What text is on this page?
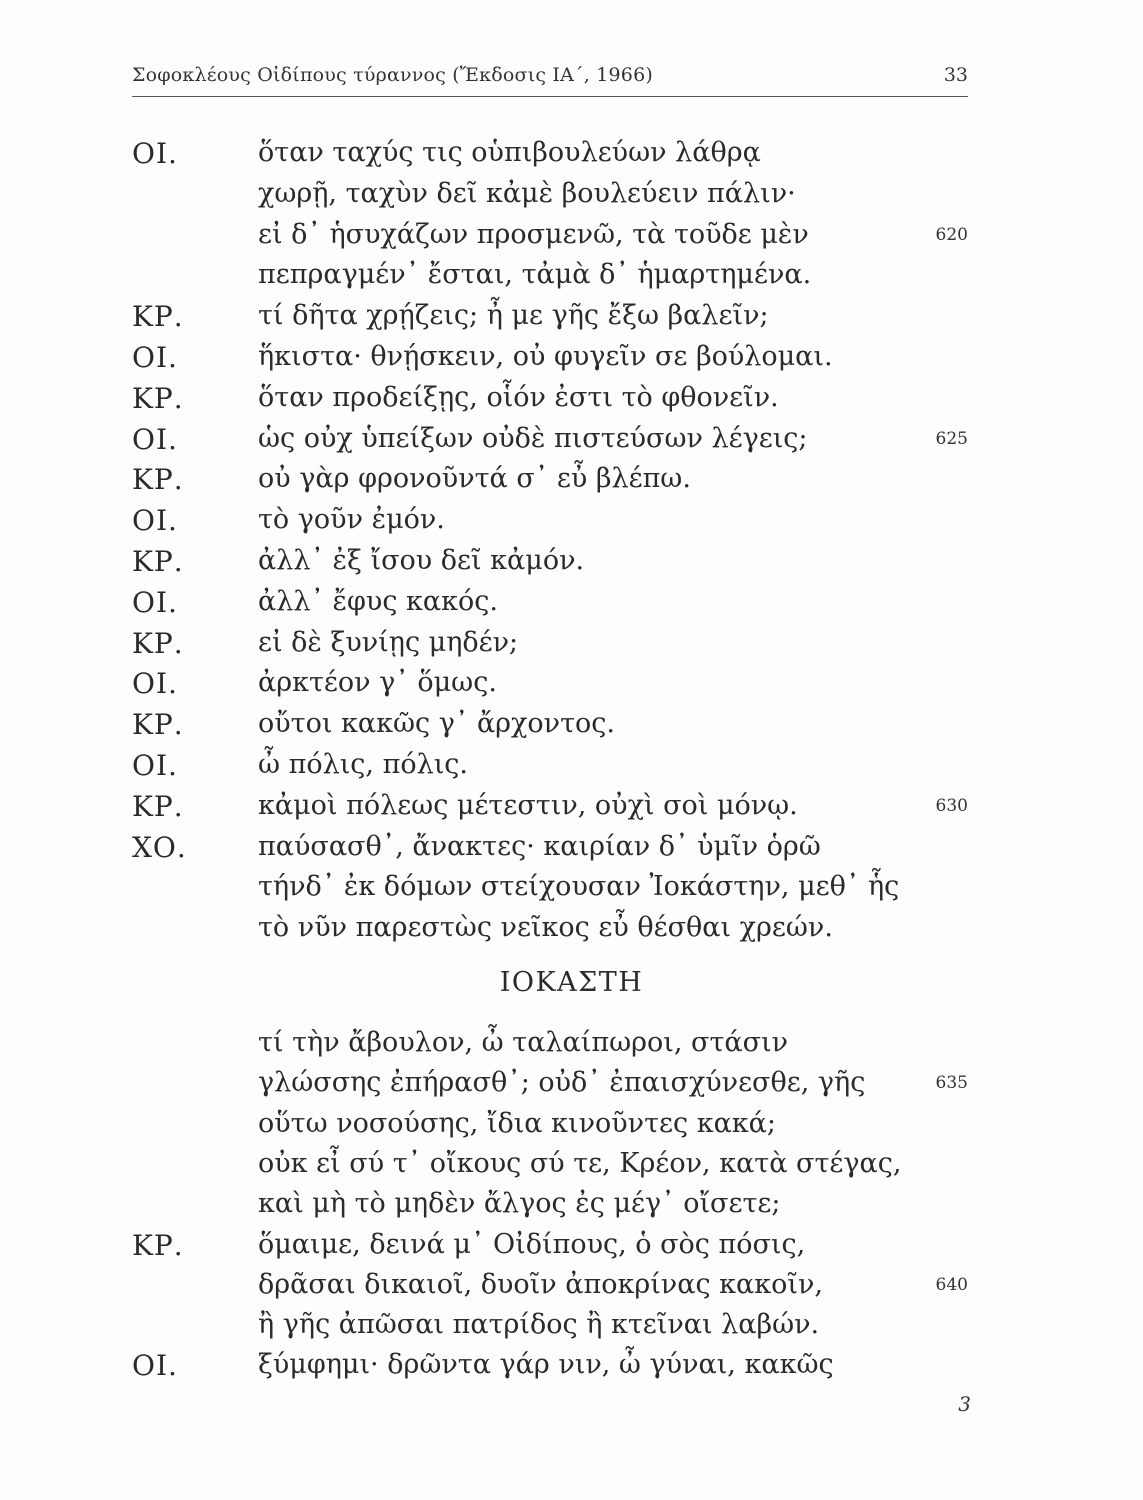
Σοφοκλέους Οἰδίπους τύραννος (Ἔκδοσις ΙΑ΄, 1966)	33
ΟΙ.	ὅταν ταχύς τις οὑπιβουλεύων λάθρᾳ
χωρῇ, ταχὺν δεῖ κἀμὲ βουλεύειν πάλιν·
εἰ δ᾽ ἡσυχάζων προσμενῶ, τὰ τοῦδε μὲν	620
πεπραγμέν᾽ ἔσται, τἀμὰ δ᾽ ἡμαρτημένα.
ΚΡ.	τί δῆτα χρῄζεις; ἦ με γῆς ἔξω βαλεῖν;
ΟΙ.	ἥκιστα· θνῄσκειν, οὐ φυγεῖν σε βούλομαι.
ΚΡ.	ὅταν προδείξῃς, οἷόν ἐστι τὸ φθονεῖν.
ΟΙ.	ὡς οὐχ ὑπείξων οὐδὲ πιστεύσων λέγεις;	625
ΚΡ.	οὐ γὰρ φρονοῦντά σ᾽ εὖ βλέπω.
ΟΙ.	τὸ γοῦν ἐμόν.
ΚΡ.	ἀλλ᾽ ἐξ ἴσου δεῖ κἀμόν.
ΟΙ.	ἀλλ᾽ ἔφυς κακός.
ΚΡ.	εἰ δὲ ξυνίῃς μηδέν;
ΟΙ.	ἀρκτέον γ᾽ ὅμως.
ΚΡ.	οὔτοι κακῶς γ᾽ ἄρχοντος.
ΟΙ.	ὦ πόλις, πόλις.
ΚΡ.	κἀμοὶ πόλεως μέτεστιν, οὐχὶ σοὶ μόνῳ.	630
ΧΟ.	παύσασθ᾽, ἄνακτες· καιρίαν δ᾽ ὑμῖν ὁρῶ
τήνδ᾽ ἐκ δόμων στείχουσαν Ἰοκάστην, μεθ᾽ ἧς
τὸ νῦν παρεστὼς νεῖκος εὖ θέσθαι χρεών.
ΙΟΚΑΣΤΗ
τί τὴν ἄβουλον, ὦ ταλαίπωροι, στάσιν
γλώσσης ἐπήρασθ᾽; οὐδ᾽ ἐπαισχύνεσθε, γῆς	635
οὕτω νοσούσης, ἴδια κινοῦντες κακά;
οὐκ εἶ σύ τ᾽ οἴκους σύ τε, Κρέον, κατὰ στέγας,
καὶ μὴ τὸ μηδὲν ἄλγος ἐς μέγ᾽ οἴσετε;
ΚΡ.	ὅμαιμε, δεινά μ᾽ Οἰδίπους, ὁ σὸς πόσις,
δρᾶσαι δικαιοῖ, δυοῖν ἀποκρίνας κακοῖν,	640
ἢ γῆς ἀπῶσαι πατρίδος ἢ κτεῖναι λαβών.
ΟΙ.	ξύμφημι· δρῶντα γάρ νιν, ὦ γύναι, κακῶς
3
